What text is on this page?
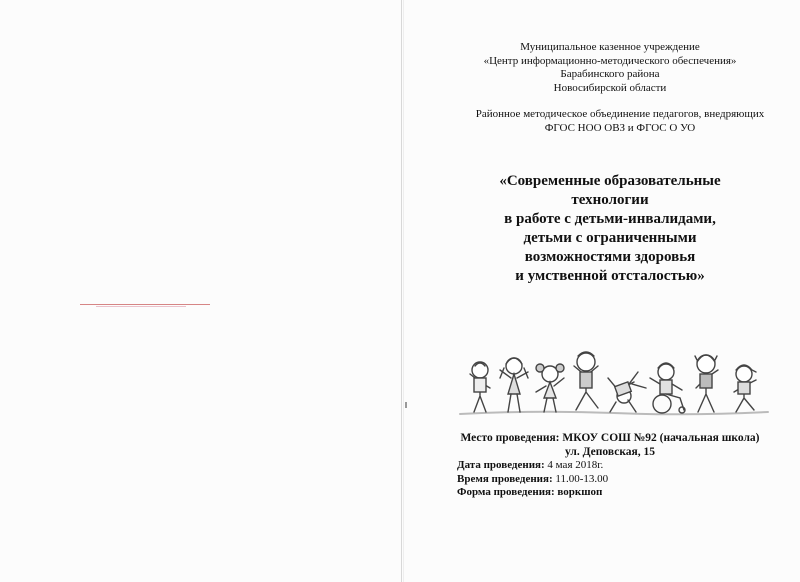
Муниципальное казенное учреждение
«Центр информационно-методического обеспечения»
Барабинского района
Новосибирской области
Районное методическое объединение педагогов, внедряющих
ФГОС НОО ОВЗ и ФГОС О УО
«Современные образовательные
технологии
в работе с детьми-инвалидами,
детьми с ограниченными
возможностями здоровья
и умственной отсталостью»
Место проведения: МКОУ СОШ №92 (начальная школа)
ул. Деповская, 15
Дата проведения: 4 мая 2018г.
Время проведения: 11.00-13.00
Форма проведения: воркшоп
